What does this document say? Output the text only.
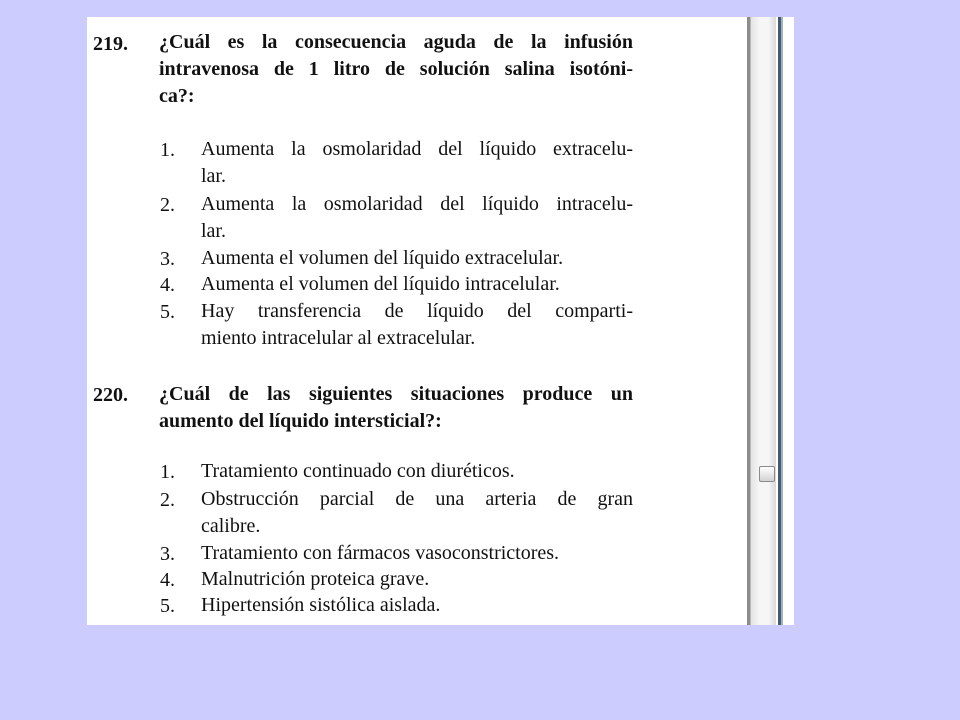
219.	¿Cuál es la consecuencia aguda de la infusión
intravenosa de 1 litro de solución salina isotóni-
ca?:

1.	Aumenta la osmolaridad del líquido extracelu-
lar.

2.	Aumenta la osmolaridad del líquido intracelu-
lar.

3.	Aumenta el volumen del líquido extracelular.

4.	Aumenta el volumen del líquido intracelular.

5.	Hay transferencia de líquido del comparti-
miento intracelular al extracelular.

220.	¿Cuál de las siguientes situaciones produce un
aumento del líquido intersticial?:

1.	Tratamiento continuado con diuréticos.

2.	Obstrucción parcial de una arteria de gran
calibre.

3.	Tratamiento con fármacos vasoconstrictores.

4.	Malnutrición proteica grave.

5.	Hipertensión sistólica aislada.
